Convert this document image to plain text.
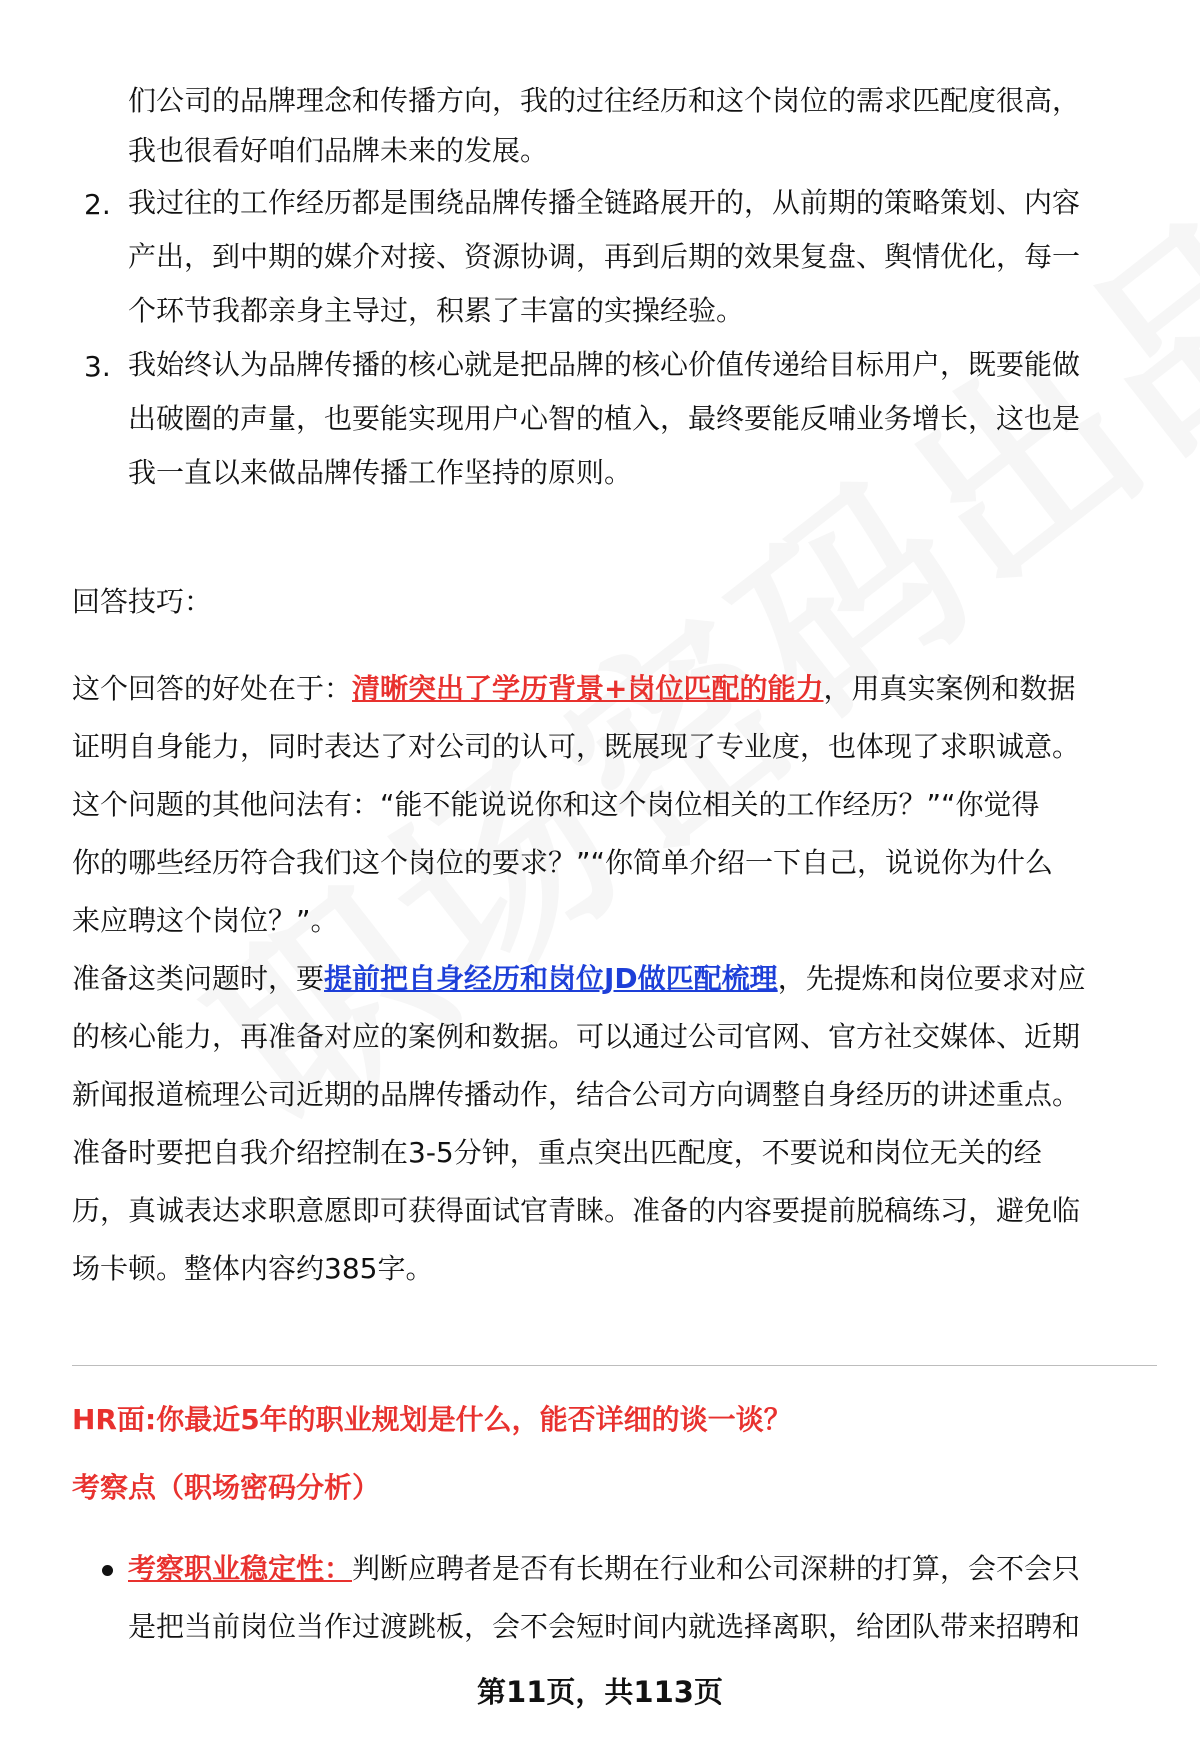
们公司的品牌理念和传播方向，我的过往经历和这个岗位的需求匹配度很高，

我也很看好咱们品牌未来的发展。

2. 我过往的工作经历都是围绕品牌传播全链路展开的，从前期的策略策划、内容

产出，到中期的媒介对接、资源协调，再到后期的效果复盘、舆情优化，每一

个环节我都亲身主导过，积累了丰富的实操经验。

3. 我始终认为品牌传播的核心就是把品牌的核心价值传递给目标用户，既要能做

出破圈的声量，也要能实现用户心智的植入，最终要能反哺业务增长，这也是

我一直以来做品牌传播工作坚持的原则。

回答技巧：

这个回答的好处在于：清晰突出了学历背景+岗位匹配的能力，用真实案例和数据

证明自身能力，同时表达了对公司的认可，既展现了专业度，也体现了求职诚意。

这个问题的其他问法有：“能不能说说你和这个岗位相关的工作经历？”“你觉得

你的哪些经历符合我们这个岗位的要求？”“你简单介绍一下自己，说说你为什么

来应聘这个岗位？”。

准备这类问题时，要提前把自身经历和岗位JD做匹配梳理，先提炼和岗位要求对应

的核心能力，再准备对应的案例和数据。可以通过公司官网、官方社交媒体、近期

新闻报道梳理公司近期的品牌传播动作，结合公司方向调整自身经历的讲述重点。

准备时要把自我介绍控制在3-5分钟，重点突出匹配度，不要说和岗位无关的经

历，真诚表达求职意愿即可获得面试官青睐。准备的内容要提前脱稿练习，避免临

场卡顿。整体内容约385字。

HR面:你最近5年的职业规划是什么，能否详细的谈一谈？
考察点（职场密码分析）

考察职业稳定性：判断应聘者是否有长期在行业和公司深耕的打算，会不会只

是把当前岗位当作过渡跳板，会不会短时间内就选择离职，给团队带来招聘和

第11页，共113页
